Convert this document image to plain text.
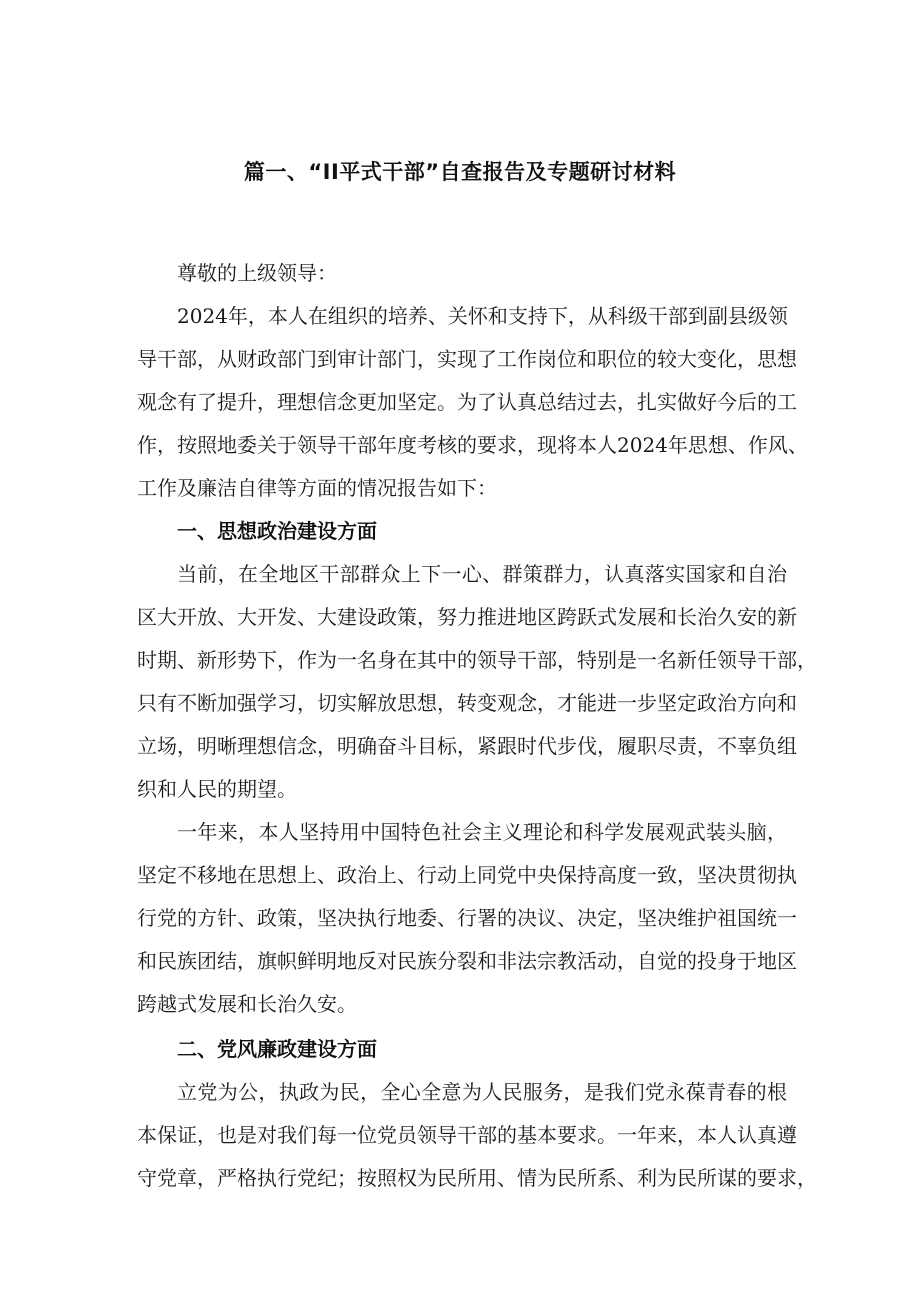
篇一、“II平式干部”自查报告及专题研讨材料
尊敬的上级领导：
2024年，本人在组织的培养、关怀和支持下，从科级干部到副县级领
导干部，从财政部门到审计部门，实现了工作岗位和职位的较大变化，思想
观念有了提升，理想信念更加坚定。为了认真总结过去，扎实做好今后的工
作，按照地委关于领导干部年度考核的要求，现将本人2024年思想、作风、
工作及廉洁自律等方面的情况报告如下：
一、思想政治建设方面
当前，在全地区干部群众上下一心、群策群力，认真落实国家和自治
区大开放、大开发、大建设政策，努力推进地区跨跃式发展和长治久安的新
时期、新形势下，作为一名身在其中的领导干部，特别是一名新任领导干部，
只有不断加强学习，切实解放思想，转变观念，才能进一步坚定政治方向和
立场，明晰理想信念，明确奋斗目标，紧跟时代步伐，履职尽责，不辜负组
织和人民的期望。
一年来，本人坚持用中国特色社会主义理论和科学发展观武装头脑，
坚定不移地在思想上、政治上、行动上同党中央保持高度一致，坚决贯彻执
行党的方针、政策，坚决执行地委、行署的决议、决定，坚决维护祖国统一
和民族团结，旗帜鲜明地反对民族分裂和非法宗教活动，自觉的投身于地区
跨越式发展和长治久安。
二、党风廉政建设方面
立党为公，执政为民，全心全意为人民服务，是我们党永葆青春的根
本保证，也是对我们每一位党员领导干部的基本要求。一年来，本人认真遵
守党章，严格执行党纪；按照权为民所用、情为民所系、利为民所谋的要求，
